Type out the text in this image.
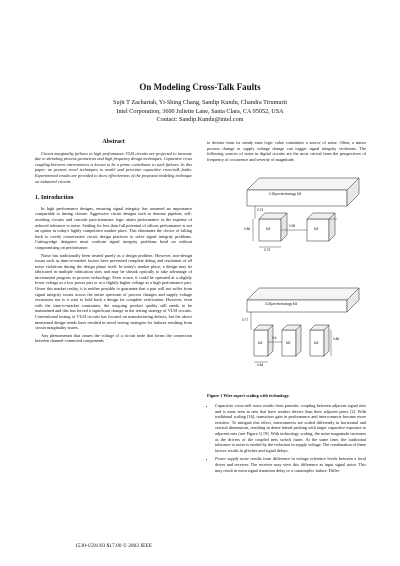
On Modeling Cross-Talk Faults
Sujit T Zachariah, Yi-Shing Chang, Sandip Kundu, Chandra Tirumurti
Intel Corporation, 3600 Juliette Lane, Santa Clara, CA 95052, USA
Contact: Sandip.Kundu@intel.com
Abstract
Circuit marginality failures in high performance VLSI circuits are projected to increase due to shrinking process geometries and high frequency design techniques. Capacitive cross coupling between interconnects is known to be a prime contributor to such failures. In this paper, we present novel techniques to model and prioritize capacitive cross-talk faults. Experimental results are provided to show effectiveness of the proposed modeling technique on industrial circuits.
1. Introduction

In high performance designs, ensuring signal integrity has assumed an importance comparable to timing closure. Aggressive circuit designs such as domino pipeline, self-resetting circuits and cascode pass-transistor logic attain performance at the expense of reduced tolerance to noise. Settling for less than full potential of silicon performance is not an option in today's highly competitive market place. This eliminates the choice of falling back to overly conservative circuit design practices to solve signal integrity problems. Cutting-edge designers must confront signal integrity problems head on without compromising on performance.

Noise has traditionally been treated purely as a design problem. However, non-design issues such as time-to-market factors have prevented complete debug and resolution of all noise violations during the design phase itself. In today's market place, a design may be fabricated in multiple fabrication sites and may be shrunk optically to take advantage of incremental progress in process technology. Even worse, it could be operated at a slightly lower voltage as a low power part or at a slightly higher voltage as a high performance part. Given this market reality, it is neither possible to guarantee that a part will not suffer from signal integrity issues across the entire spectrum of process changes and supply voltage excursions nor is it wise to hold back a design for complete verification. However, even with the time-to-market constraints, the outgoing product quality still needs to be maintained and this has forced a significant change in the testing strategy of VLSI circuits. Conventional testing of VLSI circuits has focused on manufacturing defects, but the above mentioned design trends have resulted in novel testing strategies for failures resulting from circuit marginality issues.

Any phenomenon that causes the voltage of a circuit node that forms the connection between channel-connected components

1530-1591/03 $17.00 © 2003 IEEE

to deviate from its steady state logic value constitutes a source of noise. Often, a minor process change or supply voltage change can trigger signal integrity violations. The following sources of noise in digital circuits are the most critical from the perspectives of frequency of occurrence and severity of magnitude.

0.35µm technology M3
0.73
0.86
0.95
0.73
M2	M2
0.25µm technology M3
0.77
0.86
0.6
0.48
M2	M2	M2
Figure 1 Wire aspect scaling with technology.
• Capacitive cross-talk noise results from parasitic coupling between adjacent signal nets and is most seen in nets that have weaker drivers than their adjacent peers [2]. With traditional scaling [16], transistors gain in performance and interconnects become more resistive. To mitigate this effect, interconnects are scaled differently in horizontal and vertical dimensions, resulting in dense lateral packing with larger capacitive exposure to adjacent nets (see Figure 1) [9]. With technology scaling, the noise magnitude increases as the drivers of the coupled nets switch faster. At the same time, the traditional tolerance to noise is eroded by the reduction in supply voltage. The combination of these factors results in glitches and signal delays.
• Power supply noise results from difference in voltage reference levels between a local driver and receiver. The receiver may view this difference as input signal noise. This may result in extra signal transition delay or a catastrophic failure. Differ-
